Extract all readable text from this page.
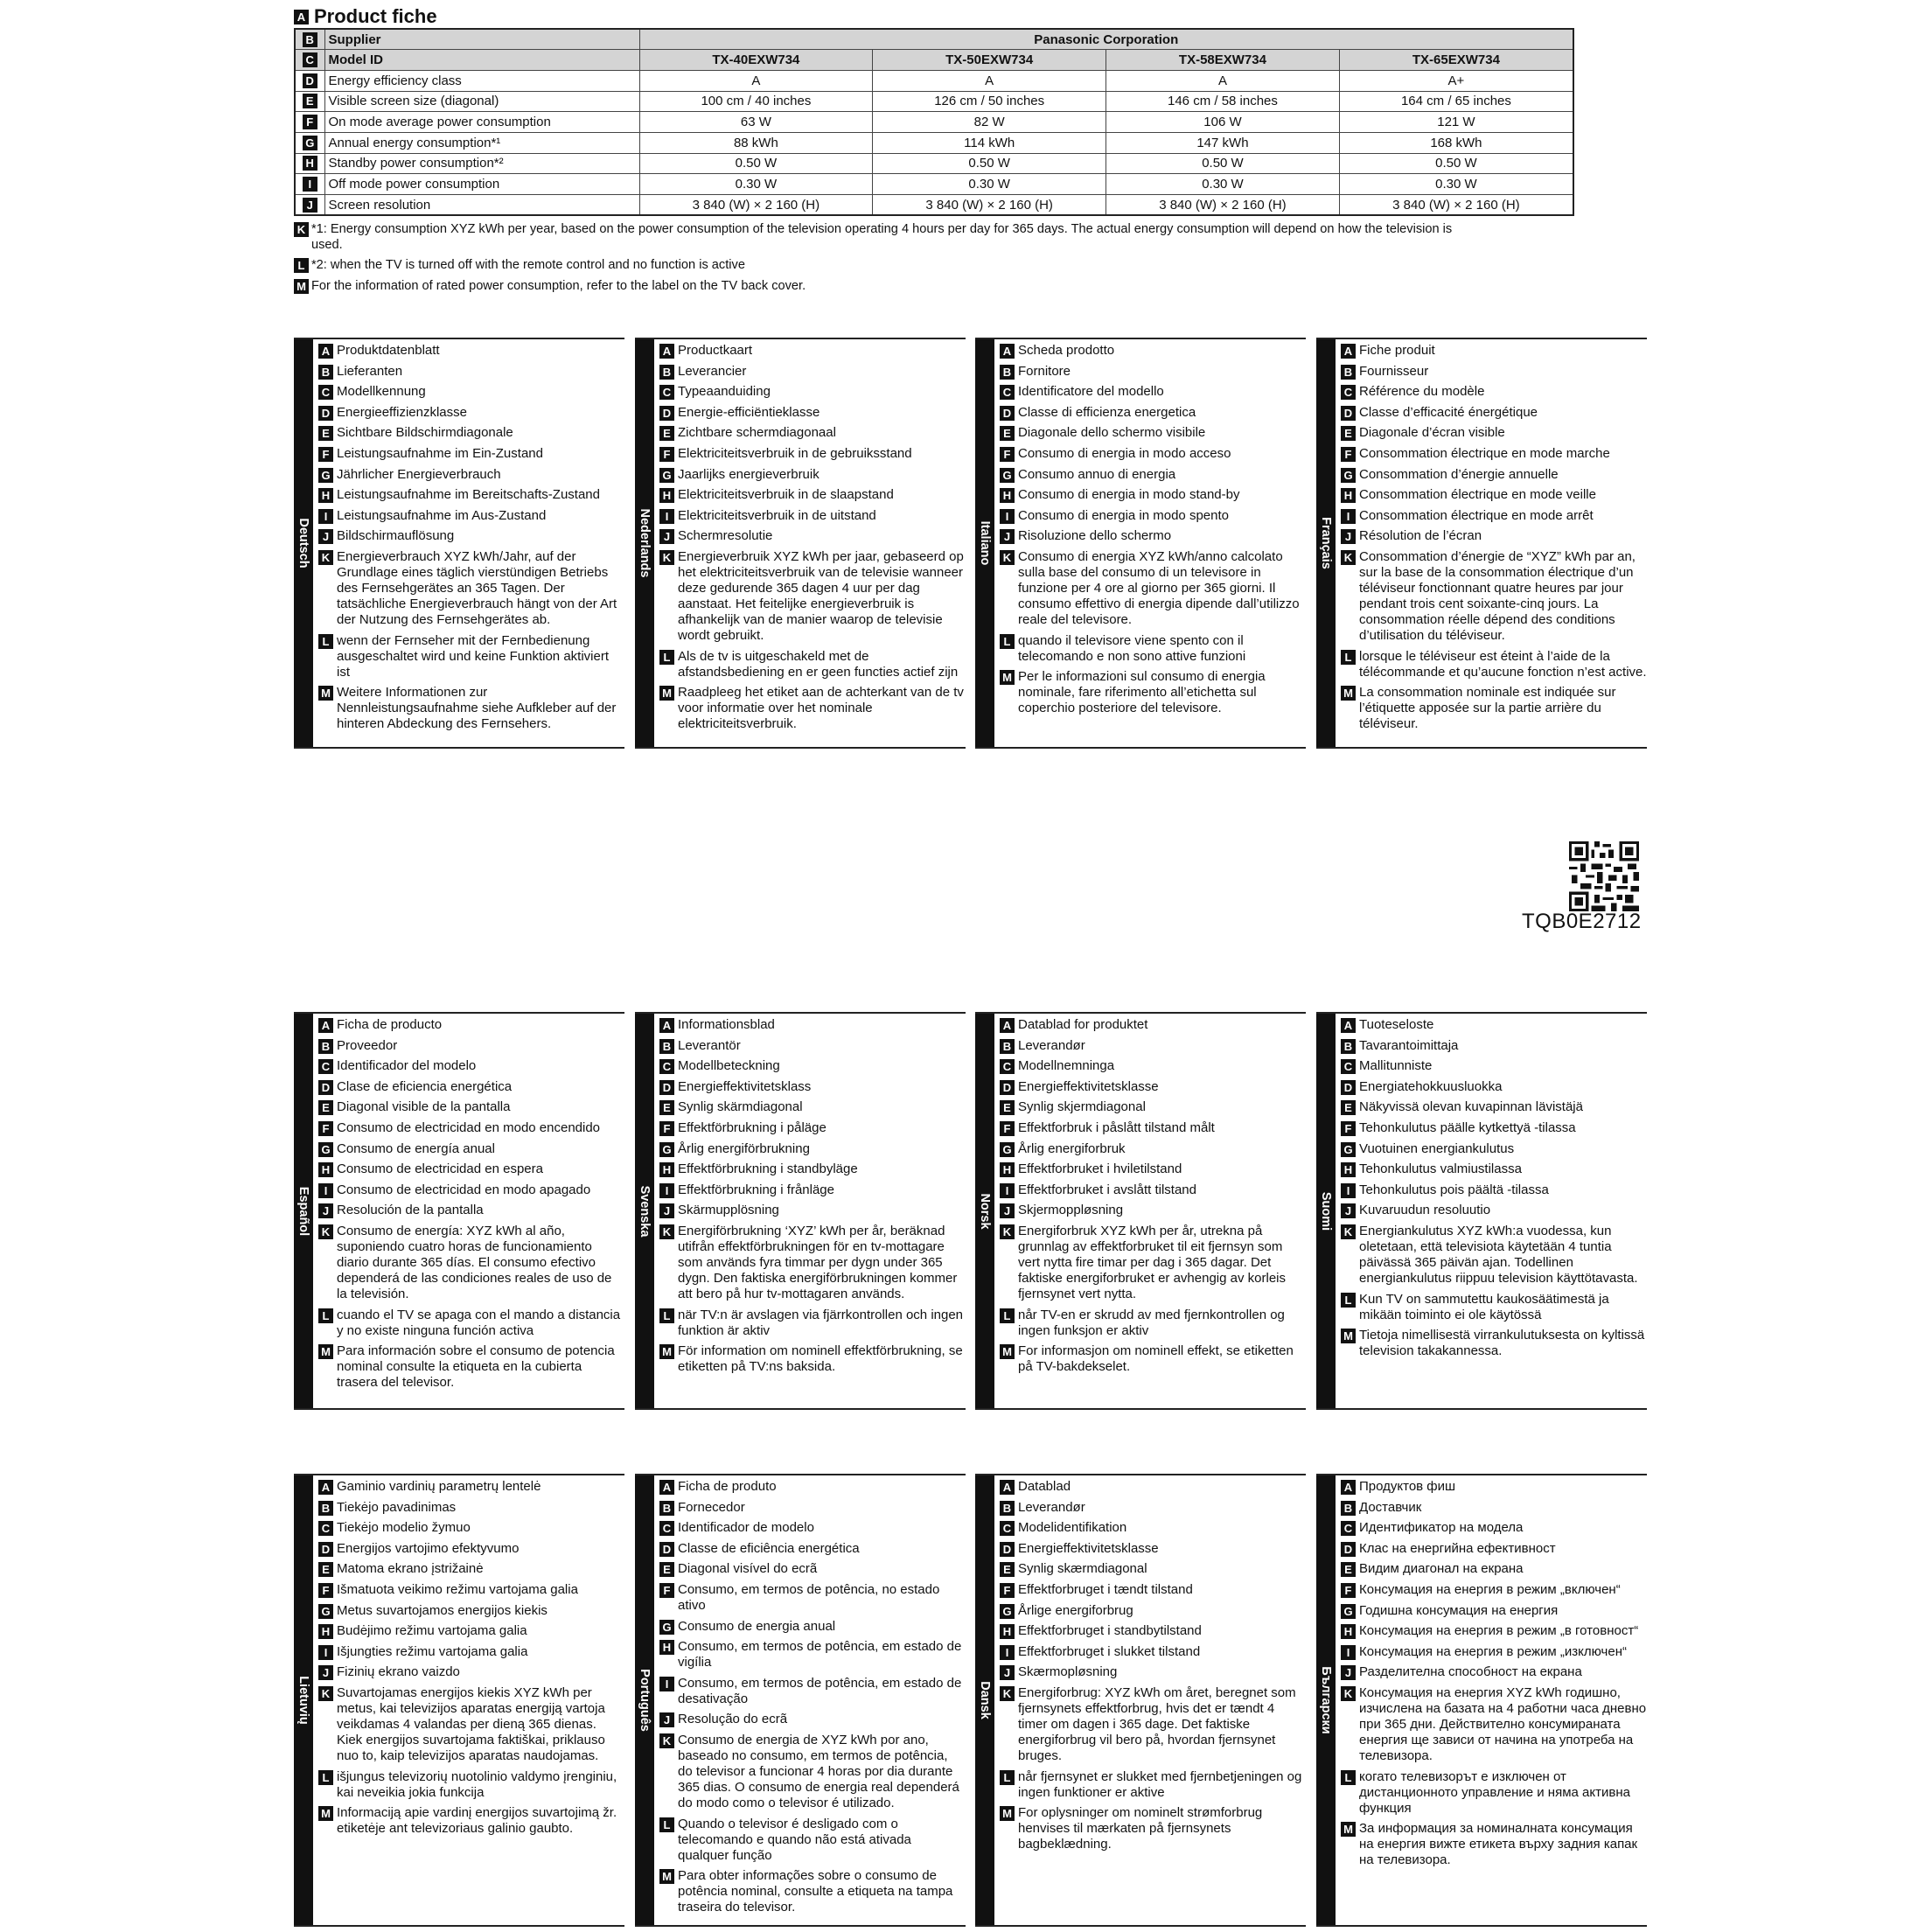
A Product fiche
B	Supplier	Panasonic Corporation			
C	Model ID	TX-40EXW734	TX-50EXW734	TX-58EXW734	TX-65EXW734
D	Energy efficiency class	A	A	A	A+
E	Visible screen size (diagonal)	100 cm / 40 inches	126 cm / 50 inches	146 cm / 58 inches	164 cm / 65 inches
F	On mode average power consumption	63 W	82 W	106 W	121 W
G	Annual energy consumption*¹	88 kWh	114 kWh	147 kWh	168 kWh
H	Standby power consumption*²	0.50 W	0.50 W	0.50 W	0.50 W
I	Off mode power consumption	0.30 W	0.30 W	0.30 W	0.30 W
J	Screen resolution	3 840 (W) × 2 160 (H)	3 840 (W) × 2 160 (H)	3 840 (W) × 2 160 (H)	3 840 (W) × 2 160 (H)
K *1: Energy consumption XYZ kWh per year, based on the power consumption of the television operating 4 hours per day for 365 days. The actual energy consumption will depend on how the television is used.
L *2: when the TV is turned off with the remote control and no function is active
M For the information of rated power consumption, refer to the label on the TV back cover.
Deutsch
A Produktdatenblatt
B Lieferanten
C Modellkennung
D Energieeffizienzklasse
E Sichtbare Bildschirmdiagonale
F Leistungsaufnahme im Ein-Zustand
G Jährlicher Energieverbrauch
H Leistungsaufnahme im Bereitschafts-Zustand
I Leistungsaufnahme im Aus-Zustand
J Bildschirmauflösung
K Energieverbrauch XYZ kWh/Jahr, auf der Grundlage eines täglich vierstündigen Betriebs des Fernsehgerätes an 365 Tagen. Der tatsächliche Energieverbrauch hängt von der Art der Nutzung des Fernsehgerätes ab.
L wenn der Fernseher mit der Fernbedienung ausgeschaltet wird und keine Funktion aktiviert ist
M Weitere Informationen zur Nennleistungsaufnahme siehe Aufkleber auf der hinteren Abdeckung des Fernsehers.
Nederlands
A Productkaart
B Leverancier
C Typeaanduiding
D Energie-efficiëntieklasse
E Zichtbare schermdiagonaal
F Elektriciteitsverbruik in de gebruiksstand
G Jaarlijks energieverbruik
H Elektriciteitsverbruik in de slaapstand
I Elektriciteitsverbruik in de uitstand
J Schermresolutie
K Energieverbruik XYZ kWh per jaar, gebaseerd op het elektriciteitsverbruik van de televisie wanneer deze gedurende 365 dagen 4 uur per dag aanstaat. Het feitelijke energieverbruik is afhankelijk van de manier waarop de televisie wordt gebruikt.
L Als de tv is uitgeschakeld met de afstandsbediening en er geen functies actief zijn
M Raadpleeg het etiket aan de achterkant van de tv voor informatie over het nominale elektriciteitsverbruik.
Italiano
A Scheda prodotto
B Fornitore
C Identificatore del modello
D Classe di efficienza energetica
E Diagonale dello schermo visibile
F Consumo di energia in modo acceso
G Consumo annuo di energia
H Consumo di energia in modo stand-by
I Consumo di energia in modo spento
J Risoluzione dello schermo
K Consumo di energia XYZ kWh/anno calcolato sulla base del consumo di un televisore in funzione per 4 ore al giorno per 365 giorni. Il consumo effettivo di energia dipende dall’utilizzo reale del televisore.
L quando il televisore viene spento con il telecomando e non sono attive funzioni
M Per le informazioni sul consumo di energia nominale, fare riferimento all’etichetta sul coperchio posteriore del televisore.
Français
A Fiche produit
B Fournisseur
C Référence du modèle
D Classe d’efficacité énergétique
E Diagonale d’écran visible
F Consommation électrique en mode marche
G Consommation d’énergie annuelle
H Consommation électrique en mode veille
I Consommation électrique en mode arrêt
J Résolution de l’écran
K Consommation d’énergie de “XYZ” kWh par an, sur la base de la consommation électrique d’un téléviseur fonctionnant quatre heures par jour pendant trois cent soixante-cinq jours. La consommation réelle dépend des conditions d’utilisation du téléviseur.
L lorsque le téléviseur est éteint à l’aide de la télécommande et qu’aucune fonction n’est active.
M La consommation nominale est indiquée sur l’étiquette apposée sur la partie arrière du téléviseur.
Español
A Ficha de producto
B Proveedor
C Identificador del modelo
D Clase de eficiencia energética
E Diagonal visible de la pantalla
F Consumo de electricidad en modo encendido
G Consumo de energía anual
H Consumo de electricidad en espera
I Consumo de electricidad en modo apagado
J Resolución de la pantalla
K Consumo de energía: XYZ kWh al año, suponiendo cuatro horas de funcionamiento diario durante 365 días. El consumo efectivo dependerá de las condiciones reales de uso de la televisión.
L cuando el TV se apaga con el mando a distancia y no existe ninguna función activa
M Para información sobre el consumo de potencia nominal consulte la etiqueta en la cubierta trasera del televisor.
Svenska
A Informationsblad
B Leverantör
C Modellbeteckning
D Energieffektivitetsklass
E Synlig skärmdiagonal
F Effektförbrukning i påläge
G Årlig energiförbrukning
H Effektförbrukning i standbyläge
I Effektförbrukning i frånläge
J Skärmupplösning
K Energiförbrukning ‘XYZ’ kWh per år, beräknad utifrån effektförbrukningen för en tv-mottagare som används fyra timmar per dygn under 365 dygn. Den faktiska energiförbrukningen kommer att bero på hur tv-mottagaren används.
L när TV:n är avslagen via fjärrkontrollen och ingen funktion är aktiv
M För information om nominell effektförbrukning, se etiketten på TV:ns baksida.
Norsk
A Datablad for produktet
B Leverandør
C Modellnemninga
D Energieffektivitetsklasse
E Synlig skjermdiagonal
F Effektforbruk i påslått tilstand målt
G Årlig energiforbruk
H Effektforbruket i hviletilstand
I Effektforbruket i avslått tilstand
J Skjermoppløsning
K Energiforbruk XYZ kWh per år, utrekna på grunnlag av effektforbruket til eit fjernsyn som vert nytta fire timar per dag i 365 dagar. Det faktiske energiforbruket er avhengig av korleis fjernsynet vert nytta.
L når TV-en er skrudd av med fjernkontrollen og ingen funksjon er aktiv
M For informasjon om nominell effekt, se etiketten på TV-bakdekselet.
Suomi
A Tuoteseloste
B Tavarantoimittaja
C Mallitunniste
D Energiatehokkuusluokka
E Näkyvissä olevan kuvapinnan lävistäjä
F Tehonkulutus päälle kytkettyä -tilassa
G Vuotuinen energiankulutus
H Tehonkulutus valmiustilassa
I Tehonkulutus pois päältä -tilassa
J Kuvaruudun resoluutio
K Energiankulutus XYZ kWh:a vuodessa, kun oletetaan, että televisiota käytetään 4 tuntia päivässä 365 päivän ajan. Todellinen energiankulutus riippuu television käyttötavasta.
L Kun TV on sammutettu kaukosäätimestä ja mikään toiminto ei ole käytössä
M Tietoja nimellisestä virrankulutuksesta on kyltissä television takakannessa.
Lietuvių
A Gaminio vardinių parametrų lentelė
B Tiekėjo pavadinimas
C Tiekėjo modelio žymuo
D Energijos vartojimo efektyvumo
E Matoma ekrano įstrižainė
F Išmatuota veikimo režimu vartojama galia
G Metus suvartojamos energijos kiekis
H Budėjimo režimu vartojama galia
I Išjungties režimu vartojama galia
J Fizinių ekrano vaizdo
K Suvartojamas energijos kiekis XYZ kWh per metus, kai televizijos aparatas energiją vartoja veikdamas 4 valandas per dieną 365 dienas. Kiek energijos suvartojama faktiškai, priklauso nuo to, kaip televizijos aparatas naudojamas.
L išjungus televizorių nuotolinio valdymo įrenginiu, kai neveikia jokia funkcija
M Informaciją apie vardinį energijos suvartojimą žr. etiketėje ant televizoriaus galinio gaubto.
Português
A Ficha de produto
B Fornecedor
C Identificador de modelo
D Classe de eficiência energética
E Diagonal visível do ecrã
F Consumo, em termos de potência, no estado ativo
G Consumo de energia anual
H Consumo, em termos de potência, em estado de vigília
I Consumo, em termos de potência, em estado de desativação
J Resolução do ecrã
K Consumo de energia de XYZ kWh por ano, baseado no consumo, em termos de potência, do televisor a funcionar 4 horas por dia durante 365 dias. O consumo de energia real dependerá do modo como o televisor é utilizado.
L Quando o televisor é desligado com o telecomando e quando não está ativada qualquer função
M Para obter informações sobre o consumo de potência nominal, consulte a etiqueta na tampa traseira do televisor.
Dansk
A Datablad
B Leverandør
C Modelidentifikation
D Energieffektivitetsklasse
E Synlig skærmdiagonal
F Effektforbruget i tændt tilstand
G Årlige energiforbrug
H Effektforbruget i standbytilstand
I Effektforbruget i slukket tilstand
J Skærmopløsning
K Energiforbrug: XYZ kWh om året, beregnet som fjernsynets effektforbrug, hvis det er tændt 4 timer om dagen i 365 dage. Det faktiske energiforbrug vil bero på, hvordan fjernsynet bruges.
L når fjernsynet er slukket med fjernbetjeningen og ingen funktioner er aktive
M For oplysninger om nominelt strømforbrug henvises til mærkaten på fjernsynets bagbeklædning.
Български
A Продуктов фиш
B Доставчик
C Идентификатор на модела
D Клас на енергийна ефективност
E Видим диагонал на екрана
F Консумация на енергия в режим „включен“
G Годишна консумация на енергия
H Консумация на енергия в режим „в готовност“
I Консумация на енергия в режим „изключен“
J Разделителна способност на екрана
K Консумация на енергия XYZ kWh годишно, изчислена на базата на 4 работни часа дневно при 365 дни. Действително консумираната енергия ще зависи от начина на употреба на телевизора.
L когато телевизорът е изключен от дистанционното управление и няма активна функция
M За информация за номиналната консумация на енергия вижте етикета върху задния капак на телевизора.
TQB0E2712
